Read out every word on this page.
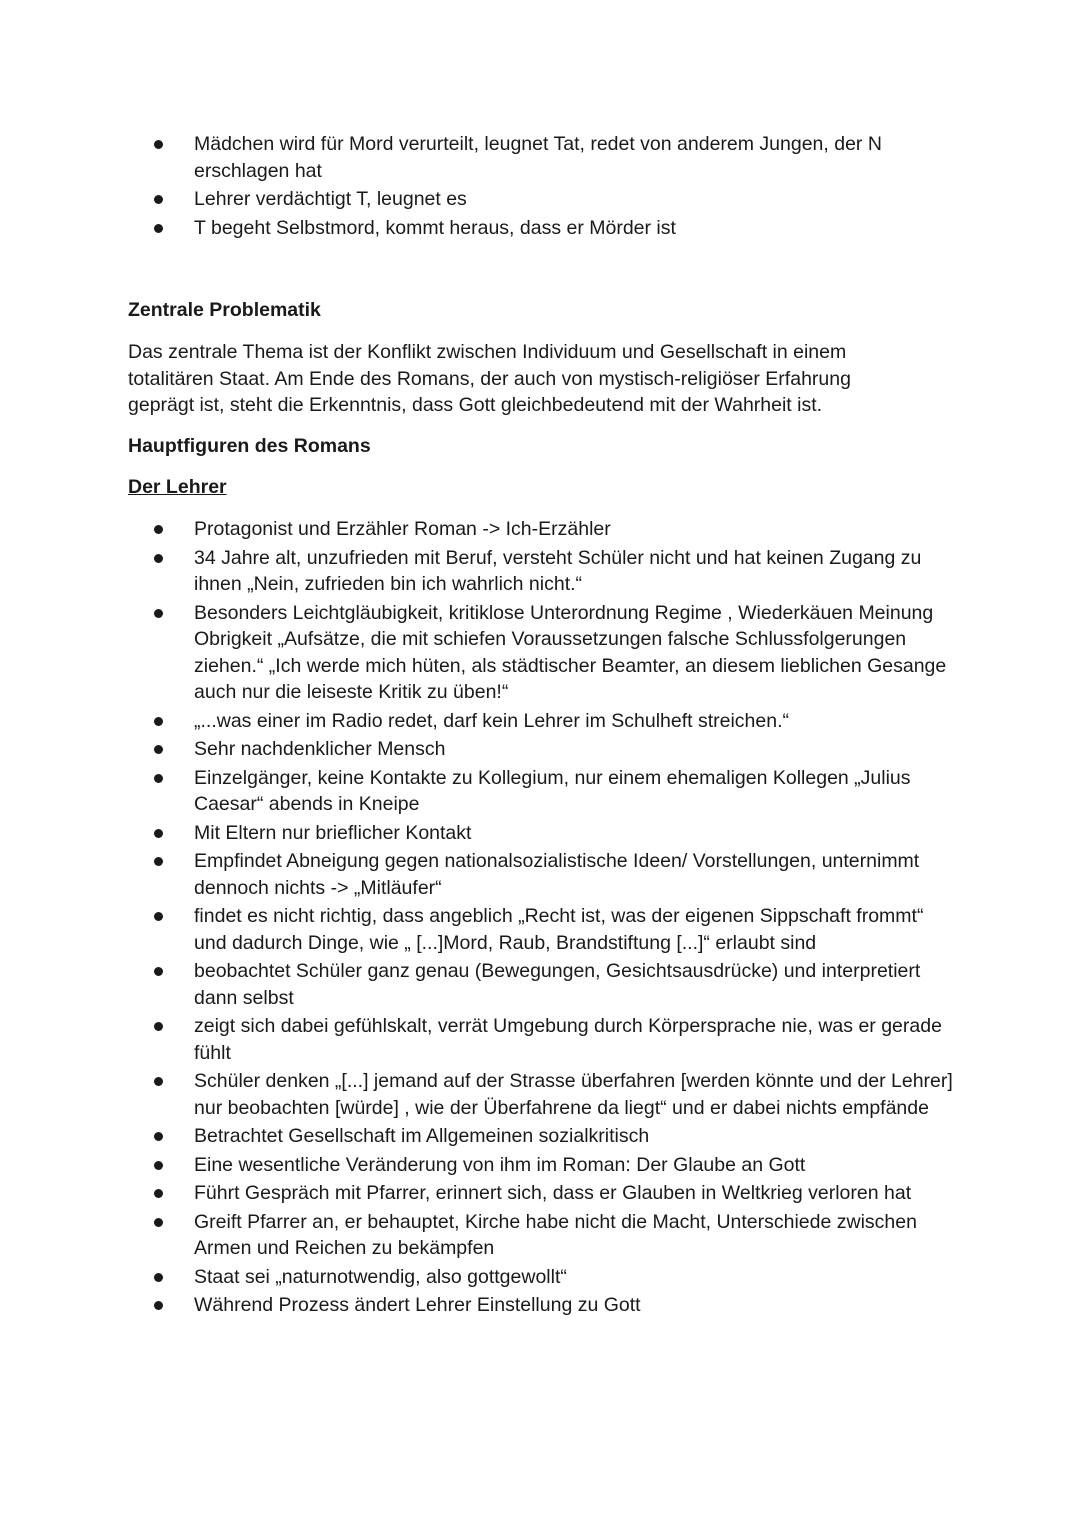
Mädchen wird für Mord verurteilt, leugnet Tat, redet von anderem Jungen, der N erschlagen hat
Lehrer verdächtigt T, leugnet es
T begeht Selbstmord, kommt heraus, dass er Mörder ist
Zentrale Problematik

Das zentrale Thema ist der Konflikt zwischen Individuum und Gesellschaft in einem totalitären Staat. Am Ende des Romans, der auch von mystisch-religiöser Erfahrung geprägt ist, steht die Erkenntnis, dass Gott gleichbedeutend mit der Wahrheit ist.

Hauptfiguren des Romans
Der Lehrer
Protagonist und Erzähler Roman -> Ich-Erzähler
34 Jahre alt, unzufrieden mit Beruf, versteht Schüler nicht und hat keinen Zugang zu ihnen „Nein, zufrieden bin ich wahrlich nicht.“
Besonders Leichtgläubigkeit, kritiklose Unterordnung Regime , Wiederkäuen Meinung Obrigkeit „Aufsätze, die mit schiefen Voraussetzungen falsche Schlussfolgerungen ziehen.“ „Ich werde mich hüten, als städtischer Beamter, an diesem lieblichen Gesange auch nur die leiseste Kritik zu üben!“
„...was einer im Radio redet, darf kein Lehrer im Schulheft streichen.“
Sehr nachdenklicher Mensch
Einzelgänger, keine Kontakte zu Kollegium, nur einem ehemaligen Kollegen „Julius Caesar“ abends in Kneipe
Mit Eltern nur brieflicher Kontakt
Empfindet Abneigung gegen nationalsozialistische Ideen/ Vorstellungen, unternimmt dennoch nichts -> „Mitläufer“
findet es nicht richtig, dass angeblich „Recht ist, was der eigenen Sippschaft frommt“ und dadurch Dinge, wie „ [...]Mord, Raub, Brandstiftung [...]“ erlaubt sind
beobachtet Schüler ganz genau (Bewegungen, Gesichtsausdrücke) und interpretiert dann selbst
zeigt sich dabei gefühlskalt, verrät Umgebung durch Körpersprache nie, was er gerade fühlt
Schüler denken „[...] jemand auf der Strasse überfahren [werden könnte und der Lehrer] nur beobachten [würde] , wie der Überfahrene da liegt“ und er dabei nichts empfände
Betrachtet Gesellschaft im Allgemeinen sozialkritisch
Eine wesentliche Veränderung von ihm im Roman: Der Glaube an Gott
Führt Gespräch mit Pfarrer, erinnert sich, dass er Glauben in Weltkrieg verloren hat
Greift Pfarrer an, er behauptet, Kirche habe nicht die Macht, Unterschiede zwischen Armen und Reichen zu bekämpfen
Staat sei „naturnotwendig, also gottgewollt“
Während Prozess ändert Lehrer Einstellung zu Gott
